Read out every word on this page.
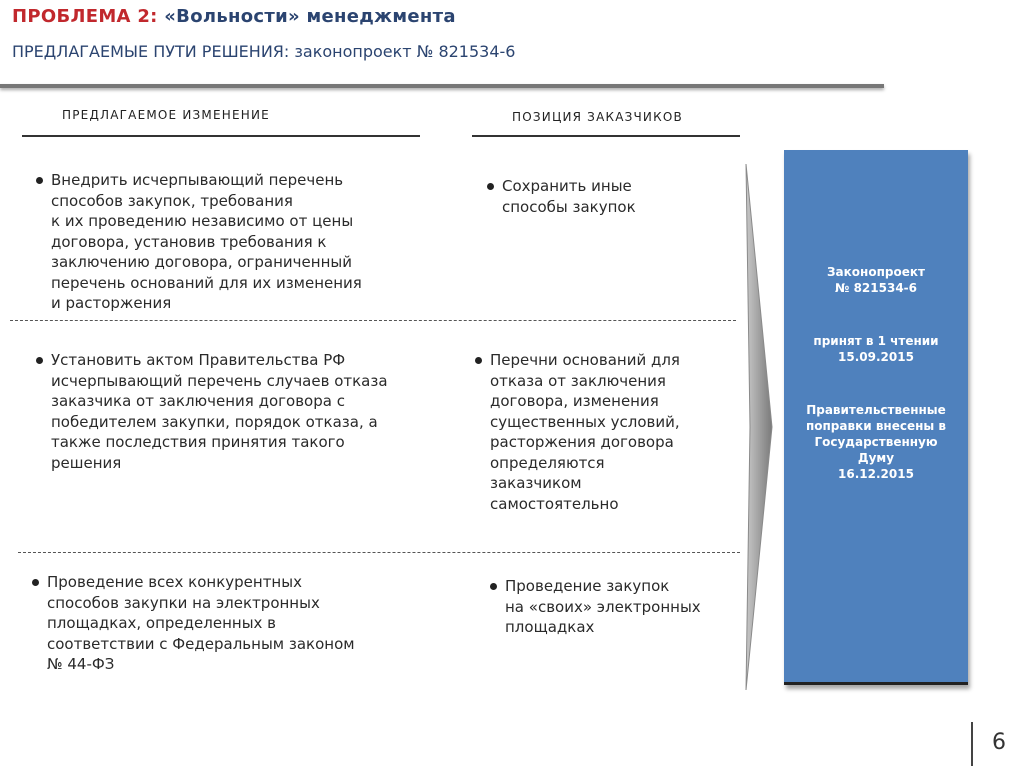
ПРОБЛЕМА 2: «Вольности» менеджмента
ПРЕДЛАГАЕМЫЕ ПУТИ РЕШЕНИЯ: законопроект № 821534-6
ПРЕДЛАГАЕМОЕ ИЗМЕНЕНИЕ	ПОЗИЦИЯ ЗАКАЗЧИКОВ
Внедрить исчерпывающий перечень
способов закупок, требования
к их проведению независимо от цены
договора, установив требования к
заключению договора, ограниченный
перечень оснований для их изменения
и расторжения
Сохранить иные
способы закупок
Установить актом Правительства РФ
исчерпывающий перечень случаев отказа
заказчика от заключения договора с
победителем закупки, порядок отказа, а
также последствия принятия такого
решения
Перечни оснований для
отказа от заключения
договора, изменения
существенных условий,
расторжения договора
определяются
заказчиком
самостоятельно
Проведение всех конкурентных
способов закупки на электронных
площадках, определенных в
соответствии с Федеральным законом
№ 44-ФЗ
Проведение закупок
на «своих» электронных
площадках
Законопроект
№ 821534-6
принят в 1 чтении
15.09.2015
Правительственные
поправки внесены в
Государственную
Думу
16.12.2015
6
